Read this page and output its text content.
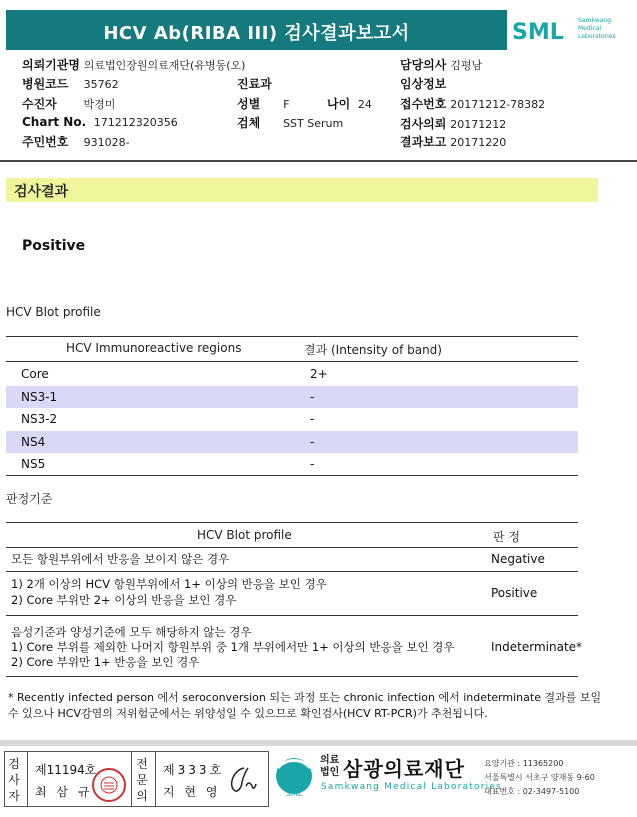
HCV Ab(RIBA III) 검사결과보고서	SML Samkwang
Medical
Laboratories
의뢰기관명 의료법인장원의료재단(유병동(오)
병원코드 35762
수진자 박경미
Chart No. 171212320356
주민번호 931028-
진료과
성별 F	나이 24
검체 SST Serum
담당의사 김평남
임상정보
접수번호 20171212-78382
검사의뢰 20171212
결과보고 20171220
검사결과
Positive
HCV Blot profile
HCV Immunoreactive regions	결과 (Intensity of band)
Core	2+
NS3-1	-
NS3-2	-
NS4	-
NS5	-
판정기준
HCV Blot profile	판 정
모든 항원부위에서 반응을 보이지 않은 경우	Negative
1) 2개 이상의 HCV 항원부위에서 1+ 이상의 반응을 보인 경우
2) Core 부위만 2+ 이상의 반응을 보인 경우	Positive
음성기준과 양성기준에 모두 해당하지 않는 경우
1) Core 부위를 제외한 나머지 항원부위 중 1개 부위에서만 1+ 이상의 반응을 보인 경우
2) Core 부위만 1+ 반응을 보인 경우
Indeterminate*
* Recently infected person 에서 seroconversion 되는 과정 또는 chronic infection 에서 indeterminate 결과를 보일
수 있으나 HCV감염의 저위험군에서는 위양성일 수 있으므로 확인검사(HCV RT-PCR)가 추천됩니다.
검사자
제11194호
최 삼 규
전문의
제333호
지 현 영	SML
의료
법인 삼광의료재단
Samkwang Medical Laboratories
요양기관 : 11365200
서울특별시 서초구 양재동 9-60
대표번호 : 02-3497-5100
